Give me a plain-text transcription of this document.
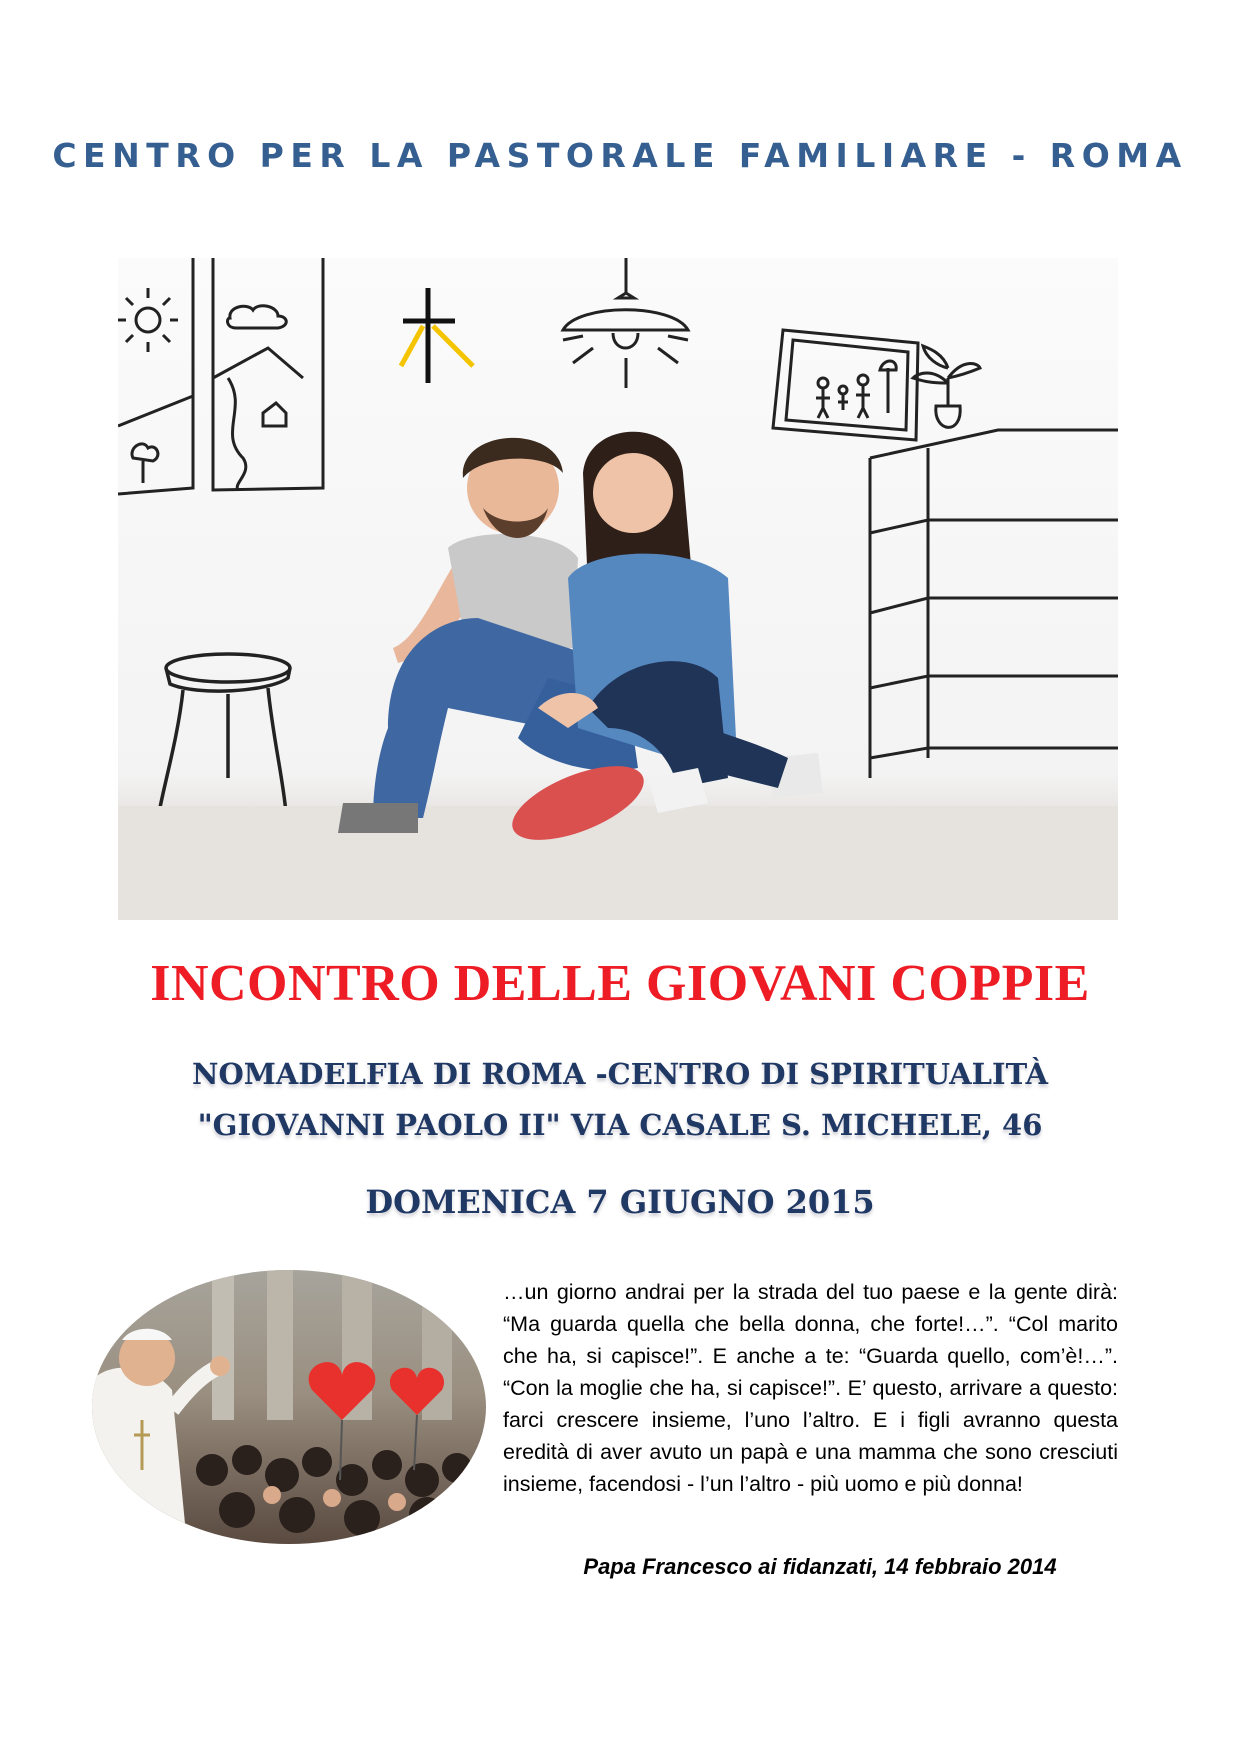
CENTRO PER LA PASTORALE FAMILIARE - ROMA
INCONTRO DELLE GIOVANI COPPIE
NOMADELFIA DI ROMA -CENTRO DI SPIRITUALITÀ
"GIOVANNI PAOLO II" VIA CASALE S. MICHELE, 46
DOMENICA 7 GIUGNO 2015

…un giorno andrai per la strada del tuo paese e la gente dirà: “Ma guarda quella che bella donna, che forte!…”. “Col marito che ha, si capisce!”. E anche a te: “Guarda quello, com’è!…”. “Con la moglie che ha, si capisce!”. E’ questo, arrivare a questo: farci crescere insieme, l’uno l’altro. E i figli avranno questa eredità di aver avuto un papà e una mamma che sono cresciuti insieme, facendosi - l’un l’altro - più uomo e più donna!

Papa Francesco ai fidanzati, 14 febbraio 2014
